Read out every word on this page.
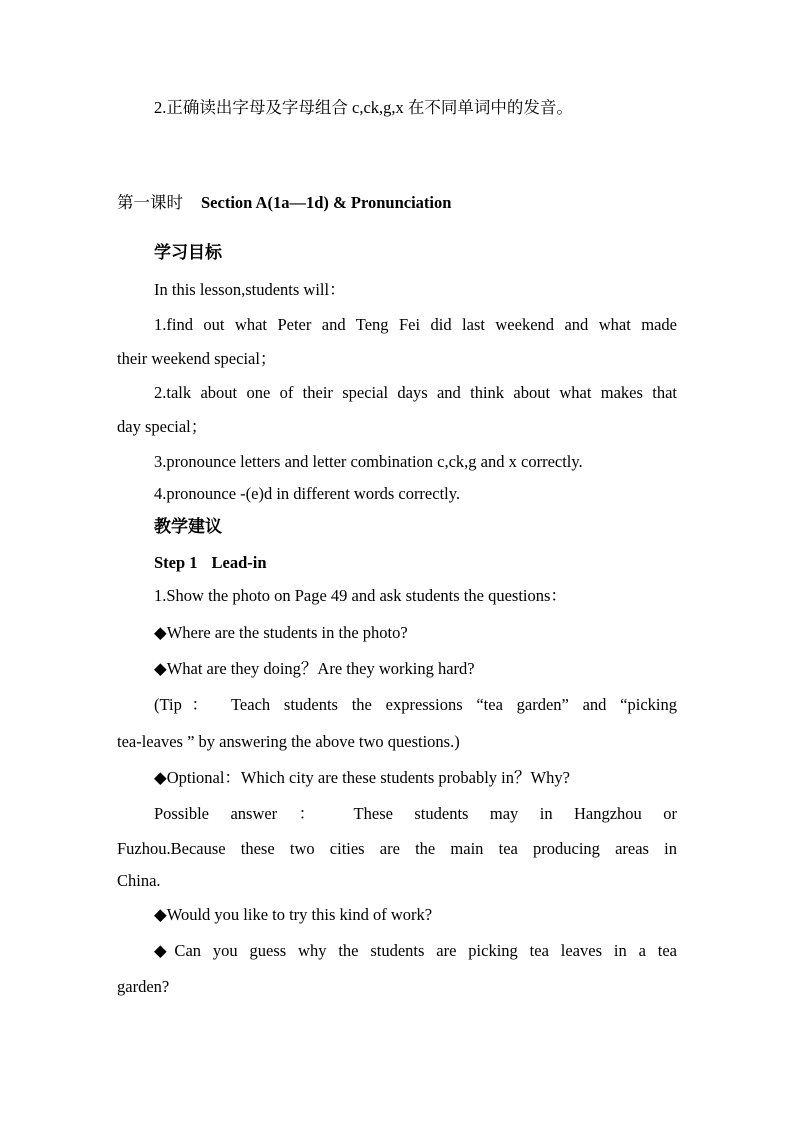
2.正确读出字母及字母组合 c,ck,g,x 在不同单词中的发音。
第一课时 Section A(1a—1d) & Pronunciation
学习目标
In this lesson,students will：
1.find out what Peter and Teng Fei did last weekend and what made
their weekend special；
2.talk about one of their special days and think about what makes that
day special；
3.pronounce letters and letter combination c,ck,g and x correctly.
4.pronounce -(e)d in different words correctly.
教学建议
Step 1 Lead-in
1.Show the photo on Page 49 and ask students the questions：
◆Where are the students in the photo?
◆What are they doing？Are they working hard?
(Tip： Teach students the expressions “tea garden” and “picking
tea-leaves ” by answering the above two questions.)
◆Optional：Which city are these students probably in？Why?
Possible answer ： These students may in Hangzhou or
Fuzhou.Because these two cities are the main tea producing areas in
China.
◆Would you like to try this kind of work?
◆Can you guess why the students are picking tea leaves in a tea
garden?
